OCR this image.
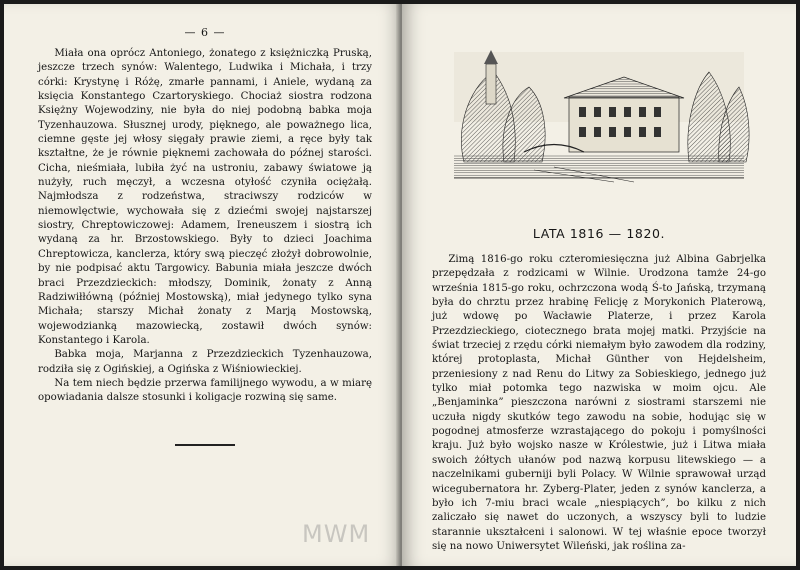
— 6 —

Miała ona oprócz Antoniego, żonatego z księżniczką Pruską, jeszcze trzech synów: Walentego, Ludwika i Michała, i trzy córki: Krystynę i Różę, zmarłe pannami, i Aniele, wydaną za księcia Konstantego Czartoryskiego. Chociaż siostra rodzona Księżny Wojewodziny, nie była do niej podobną babka moja Tyzenhauzowa. Słusznej urody, pięknego, ale poważnego lica, ciemne gęste jej włosy sięgały prawie ziemi, a ręce były tak kształtne, że je równie pięknemi zachowała do późnej starości. Cicha, nieśmiała, lubiła żyć na ustroniu, zabawy światowe ją nużyły, ruch męczył, a wczesna otyłość czyniła ociężałą. Najmłodsza z rodzeństwa, straciwszy rodziców w niemowlęctwie, wychowała się z dziećmi swojej najstarszej siostry, Chreptowiczowej: Adamem, Ireneuszem i siostrą ich wydaną za hr. Brzostowskiego. Były to dzieci Joachima Chreptowicza, kanclerza, który swą pieczęć złożył dobrowolnie, by nie podpisać aktu Targowicy. Babunia miała jeszcze dwóch braci Przezdzieckich: młodszy, Dominik, żonaty z Anną Radziwiłłówną (później Mostowską), miał jedynego tylko syna Michała; starszy Michał żonaty z Marją Mostowską, wojewodzianką mazowiecką, zostawił dwóch synów: Konstantego i Karola.

Babka moja, Marjanna z Przezdzieckich Tyzenhauzowa, rodziła się z Ogińskiej, a Ogińska z Wiśniowieckiej.

Na tem niech będzie przerwa familijnego wywodu, a w miarę opowiadania dalsze stosunki i koligacje rozwiną się same.

LATA 1816 — 1820.

Zimą 1816-go roku czteromiesięczna już Albina Gabrjelka przepędzała z rodzicami w Wilnie. Urodzona tamże 24-go września 1815-go roku, ochrzczona wodą Ś-to Jańską, trzymaną była do chrztu przez hrabinę Felicję z Morykonich Platerową, już wdowę po Wacławie Platerze, i przez Karola Przezdzieckiego, ciotecznego brata mojej matki. Przyjście na świat trzeciej z rzędu córki niemałym było zawodem dla rodziny, której protoplasta, Michał Günther von Hejdelsheim, przeniesiony z nad Renu do Litwy za Sobieskiego, jednego już tylko miał potomka tego nazwiska w moim ojcu. Ale „Benjaminka” pieszczona narówni z siostrami starszemi nie uczuła nigdy skutków tego zawodu na sobie, hodując się w pogodnej atmosferze wzrastającego do pokoju i pomyślności kraju. Już było wojsko nasze w Królestwie, już i Litwa miała swoich żółtych ułanów pod nazwą korpusu litewskiego — a naczelnikami guberniji byli Polacy. W Wilnie sprawował urząd wicegubernatora hr. Zyberg-Plater, jeden z synów kanclerza, a było ich 7-miu braci wcale „niespiących”, bo kilku z nich zaliczało się nawet do uczonych, a wszyscy byli to ludzie starannie ukształceni i salonowi. W tej właśnie epoce tworzył się na nowo Uniwersytet Wileński, jak roślina za-

MWM
